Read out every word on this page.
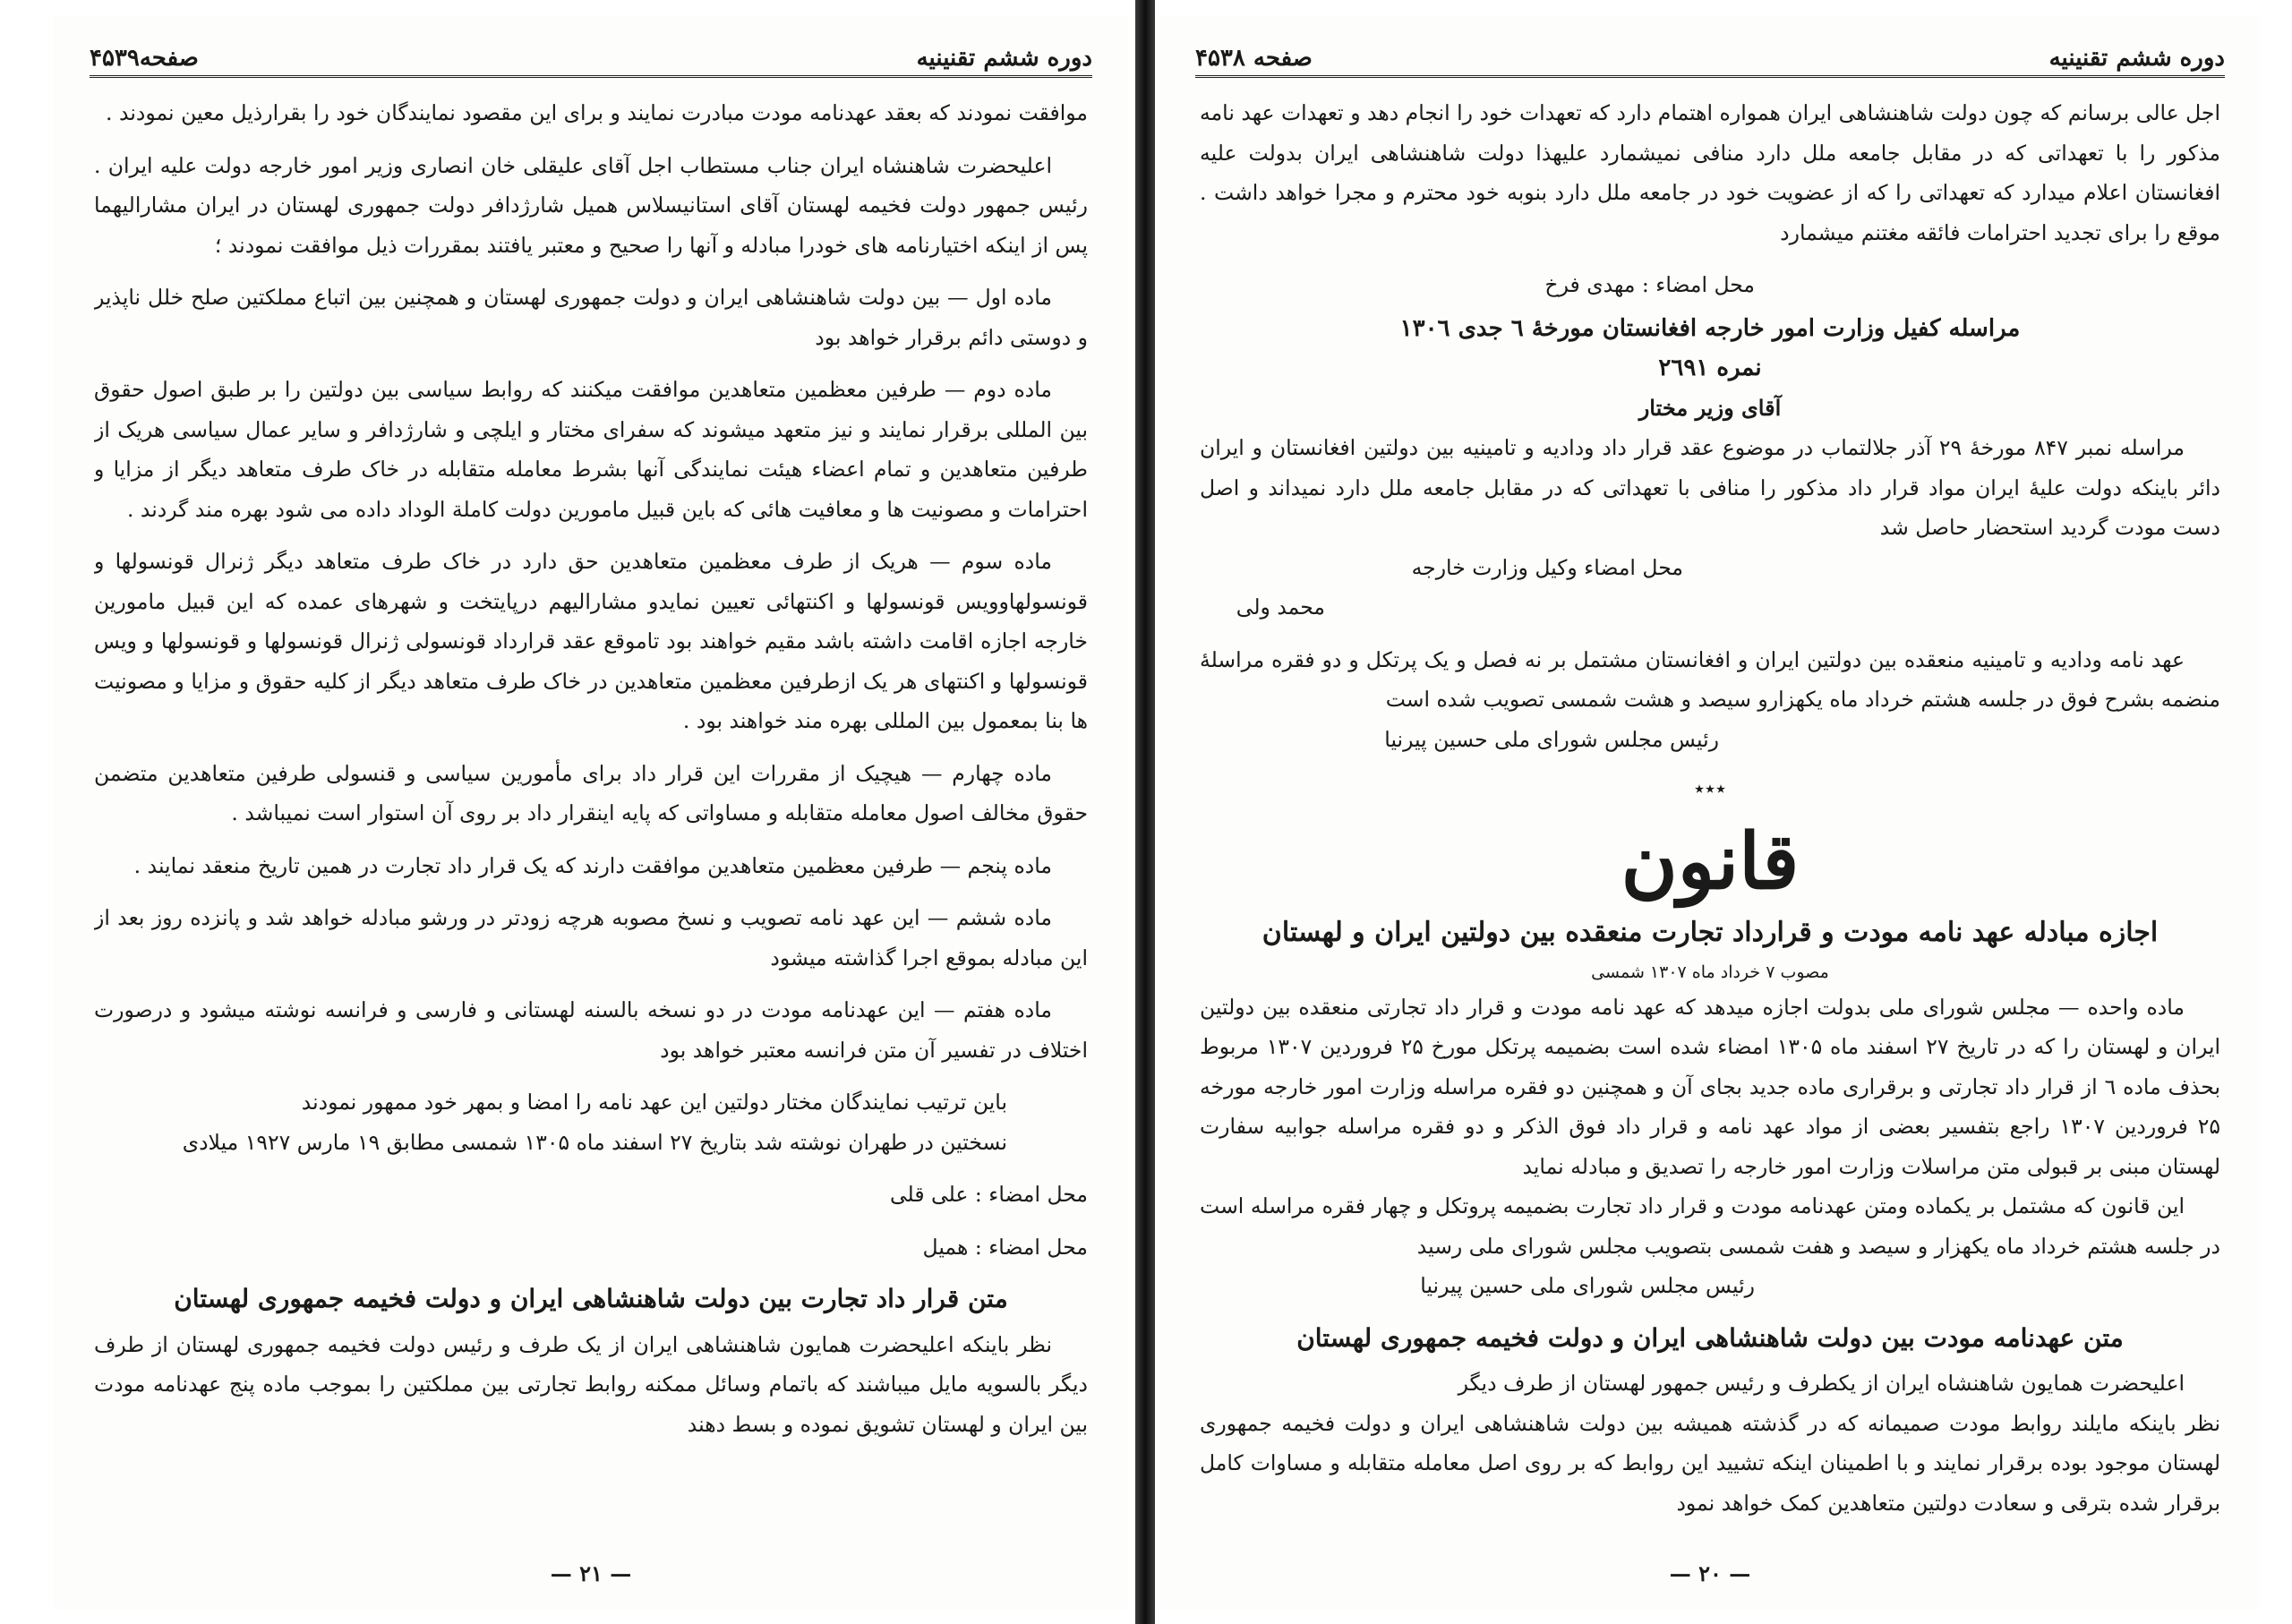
دوره ششم تقنینیه
صفحه۴۵۳۹

موافقت نمودند که بعقد عهدنامه مودت مبادرت نمایند و برای این مقصود نمایندگان خود را بقرارذیل معین نمودند .

اعلیحضرت شاهنشاه ایران جناب مستطاب اجل آقای علیقلی خان انصاری وزیر امور خارجه دولت علیه ایران . رئیس جمهور دولت فخیمه لهستان آقای استانیسلاس همیل شارژدافر دولت جمهوری لهستان در ایران مشارالیهما پس از اینکه اختیارنامه های خودرا مبادله و آنها را صحیح و معتبر یافتند بمقررات ذیل موافقت نمودند ؛

ماده اول — بین دولت شاهنشاهی ایران و دولت جمهوری لهستان و همچنین بین اتباع مملکتین صلح خلل ناپذیر و دوستی دائم برقرار خواهد بود

ماده دوم — طرفین معظمین متعاهدین موافقت میکنند که روابط سیاسی بین دولتین را بر طبق اصول حقوق بین المللی برقرار نمایند و نیز متعهد میشوند که سفرای مختار و ایلچی و شارژدافر و سایر عمال سیاسی هریک از طرفین متعاهدین و تمام اعضاء هیئت نمایندگی آنها بشرط معامله متقابله در خاک طرف متعاهد دیگر از مزایا و احترامات و مصونیت ها و معافیت هائی که باین قبیل مامورین دولت کاملة الوداد داده می شود بهره مند گردند .

ماده سوم — هریک از طرف معظمین متعاهدین حق دارد در خاک طرف متعاهد دیگر ژنرال قونسولها و قونسولهاوویس قونسولها و اکنتهائی تعیین نمایدو مشارالیهم درپایتخت و شهرهای عمده که این قبیل مامورین خارجه اجازه اقامت داشته باشد مقیم خواهند بود تاموقع عقد قرارداد قونسولی ژنرال قونسولها و قونسولها و ویس قونسولها و اکنتهای هر یک ازطرفین معظمین متعاهدین در خاک طرف متعاهد دیگر از کلیه حقوق و مزایا و مصونیت ها بنا بمعمول بین المللی بهره مند خواهند بود .

ماده چهارم — هیچیک از مقررات این قرار داد برای مأمورین سیاسی و قنسولی طرفین متعاهدین متضمن حقوق مخالف اصول معامله متقابله و مساواتی که پایه اینقرار داد بر روی آن استوار است نمیباشد .

ماده پنجم — طرفین معظمین متعاهدین موافقت دارند که یک قرار داد تجارت در همین تاریخ منعقد نمایند .

ماده ششم — این عهد نامه تصویب و نسخ مصوبه هرچه زودتر در ورشو مبادله خواهد شد و پانزده روز بعد از این مبادله بموقع اجرا گذاشته میشود

ماده هفتم — این عهدنامه مودت در دو نسخه بالسنه لهستانی و فارسی و فرانسه نوشته میشود و درصورت اختلاف در تفسیر آن متن فرانسه معتبر خواهد بود

باین ترتیب نمایندگان مختار دولتین این عهد نامه را امضا و بمهر خود ممهور نمودند

نسختین در طهران نوشته شد بتاریخ ۲۷ اسفند ماه ۱۳۰۵ شمسی مطابق ۱۹ مارس ۱۹۲۷ میلادی

محل امضاء : علی قلی

محل امضاء : همیل

متن قرار داد تجارت بین دولت شاهنشاهی ایران و دولت فخیمه جمهوری لهستان

نظر باینکه اعلیحضرت همایون شاهنشاهی ایران از یک طرف و رئیس دولت فخیمه جمهوری لهستان از طرف دیگر بالسویه مایل میباشند که باتمام وسائل ممکنه روابط تجارتی بین مملکتین را بموجب ماده پنج عهدنامه مودت بین ایران و لهستان تشویق نموده و بسط دهند

— ۲۱ —
دوره ششم تقنینیه
صفحه ۴۵۳۸

اجل عالی برسانم که چون دولت شاهنشاهی ایران همواره اهتمام دارد که تعهدات خود را انجام دهد و تعهدات عهد نامه مذکور را با تعهداتی که در مقابل جامعه ملل دارد منافی نمیشمارد علیهذا دولت شاهنشاهی ایران بدولت علیه افغانستان اعلام میدارد که تعهداتی را که از عضویت خود در جامعه ملل دارد بنوبه خود محترم و مجرا خواهد داشت . موقع را برای تجدید احترامات فائقه مغتنم میشمارد

محل امضاء : مهدی فرخ

مراسله کفیل وزارت امور خارجه افغانستان مورخهٔ ٦ جدی ۱۳۰٦
نمره ۲٦۹۱
آقای وزیر مختار

مراسله نمبر ۸۴۷ مورخهٔ ۲۹ آذر جلالتماب در موضوع عقد قرار داد ودادیه و تامینیه بین دولتین افغانستان و ایران دائر باینکه دولت علیهٔ ایران مواد قرار داد مذکور را منافی با تعهداتی که در مقابل جامعه ملل دارد نمیداند و اصل دست مودت گردید استحضار حاصل شد

محل امضاء وکیل وزارت خارجه

محمد ولی

عهد نامه ودادیه و تامینیه منعقده بین دولتین ایران و افغانستان مشتمل بر نه فصل و یک پرتکل و دو فقره مراسلهٔ منضمه بشرح فوق در جلسه هشتم خرداد ماه یکهزارو سیصد و هشت شمسی تصویب شده است

رئیس مجلس شورای ملی حسین پیرنیا

٭٭٭
قانون
اجازه مبادله عهد نامه مودت و قرارداد تجارت منعقده بین دولتین ایران و لهستان
مصوب ۷ خرداد ماه ۱۳۰۷ شمسی

ماده واحده — مجلس شورای ملی بدولت اجازه میدهد که عهد نامه مودت و قرار داد تجارتی منعقده بین دولتین ایران و لهستان را که در تاریخ ۲۷ اسفند ماه ۱۳۰۵ امضاء شده است بضمیمه پرتکل مورخ ۲۵ فروردین ۱۳۰۷ مربوط بحذف ماده ٦ از قرار داد تجارتی و برقراری ماده جدید بجای آن و همچنین دو فقره مراسله وزارت امور خارجه مورخه ۲۵ فروردین ۱۳۰۷ راجع بتفسیر بعضی از مواد عهد نامه و قرار داد فوق الذکر و دو فقره مراسله جوابیه سفارت لهستان مبنی بر قبولی متن مراسلات وزارت امور خارجه را تصدیق و مبادله نماید

این قانون که مشتمل بر یکماده ومتن عهدنامه مودت و قرار داد تجارت بضمیمه پروتکل و چهار فقره مراسله است در جلسه هشتم خرداد ماه یکهزار و سیصد و هفت شمسی بتصویب مجلس شورای ملی رسید

رئیس مجلس شورای ملی حسین پیرنیا

متن عهدنامه مودت بین دولت شاهنشاهی ایران و دولت فخیمه جمهوری لهستان

اعلیحضرت همایون شاهنشاه ایران از یکطرف و رئیس جمهور لهستان از طرف دیگر

نظر باینکه مایلند روابط مودت صمیمانه که در گذشته همیشه بین دولت شاهنشاهی ایران و دولت فخیمه جمهوری لهستان موجود بوده برقرار نمایند و با اطمینان اینکه تشیید این روابط که بر روی اصل معامله متقابله و مساوات کامل برقرار شده بترقی و سعادت دولتین متعاهدین کمک خواهد نمود

— ۲۰ —
